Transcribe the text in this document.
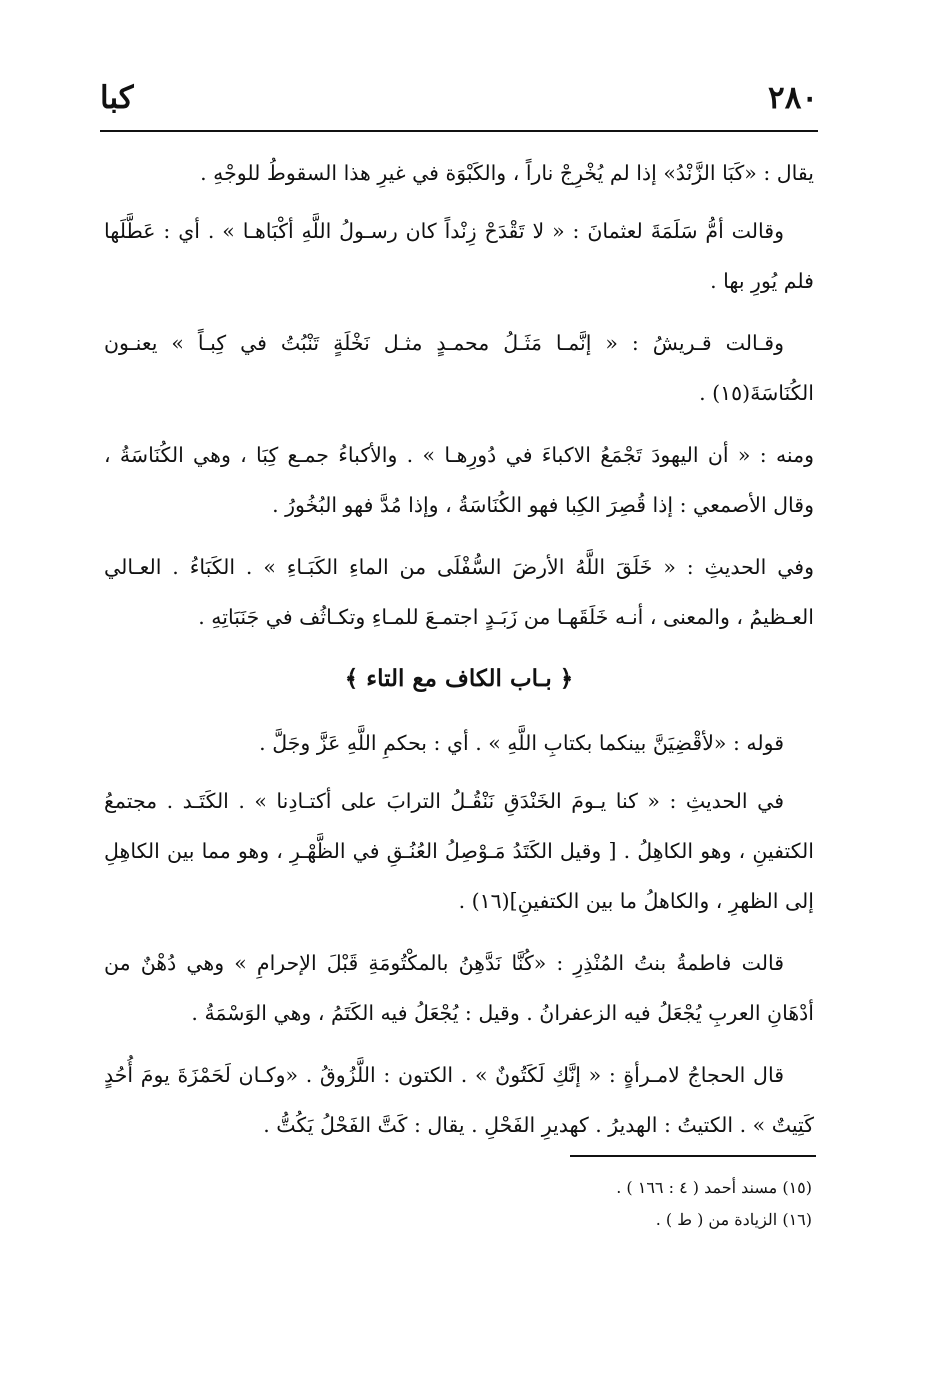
٢٨٠
كبا

يقال : «كَبَا الزَّنْدُ» إذا لم يُخْرِجْ ناراً ، والكَبْوَة في غيرِ هذا السقوطُ للوجْهِ .

وقالت أمُّ سَلَمَةَ لعثمانَ : « لا تَقْدَحْ زِنْداً كان رسـولُ اللَّهِ أكْبَاهـا » . أي : عَطَّلَها فلم يُورِ بها .

وقـالت قـريشُ : « إنَّمـا مَثَـلُ محمـدٍ مثـل نَخْلَةٍ تَنْبُتُ في كِبـاً » يعنـون الكُنَاسَةَ(١٥) .

ومنه : « أن اليهودَ تَجْمَعُ الاكباءَ في دُورِهـا » . والأكباءُ جمـع كِبَا ، وهي الكُنَاسَةُ ، وقال الأصمعي : إذا قُصِرَ الكِبا فهو الكُنَاسَةُ ، وإذا مُدَّ فهو البُخُورُ .

وفي الحديثِ : « خَلَقَ اللَّهُ الأرضَ السُّفْلَى من الماءِ الكَبَـاءِ » . الكَبَاءُ . العـالي العـظيمُ ، والمعنى ، أنـه خَلَقَهـا من زَبَـدٍ اجتمـعَ للمـاءِ وتكـاثُف في جَنَبَاتِهِ .

﴿ بـاب الكاف مع التاء ﴾

قوله : «لأقْضِيَنَّ بينكما بكتابِ اللَّهِ » . أي : بحكمِ اللَّهِ عَزَّ وجَلَّ .

في الحديثِ : « كنا يـومَ الخَنْدَقِ نَنْقُـلُ الترابَ على أكتـادِنا » . الكَتَـد . مجتمعُ الكتفينِ ، وهو الكاهِلُ . [ وقيل الكَتَدُ مَـوْصِلُ العُنُـقِ في الظَّهْـرِ ، وهو مما بين الكاهِلِ إلى الظهرِ ، والكاهلُ ما بين الكتفينِ](١٦) .

قالت فاطمةُ بنتُ المُنْذِرِ : «كُنَّا نَدَّهِنُ بالمكْتُومَةِ قَبْلَ الإحرامِ » وهي دُهْنٌ من أدْهَانِ العربِ يُجْعَلُ فيه الزعفرانُ . وقيل : يُجْعَلُ فيه الكَتَمُ ، وهي الوَسْمَةُ .

قال الحجاجُ لامـرأةٍ : « إنَّكِ لَكَتُونٌ » . الكتون : اللَّزُوقُ . «وكـان لَحَمْزَةَ يومَ أُحُدٍ كَتِيتٌ » . الكتيتُ : الهديرُ . كهديرِ الفَحْلِ . يقال : كَتَّ الفَحْلُ يَكُتُّ .

(١٥) مسند أحمد ( ٤ : ١٦٦ ) .

(١٦) الزيادة من ( ط ) .
